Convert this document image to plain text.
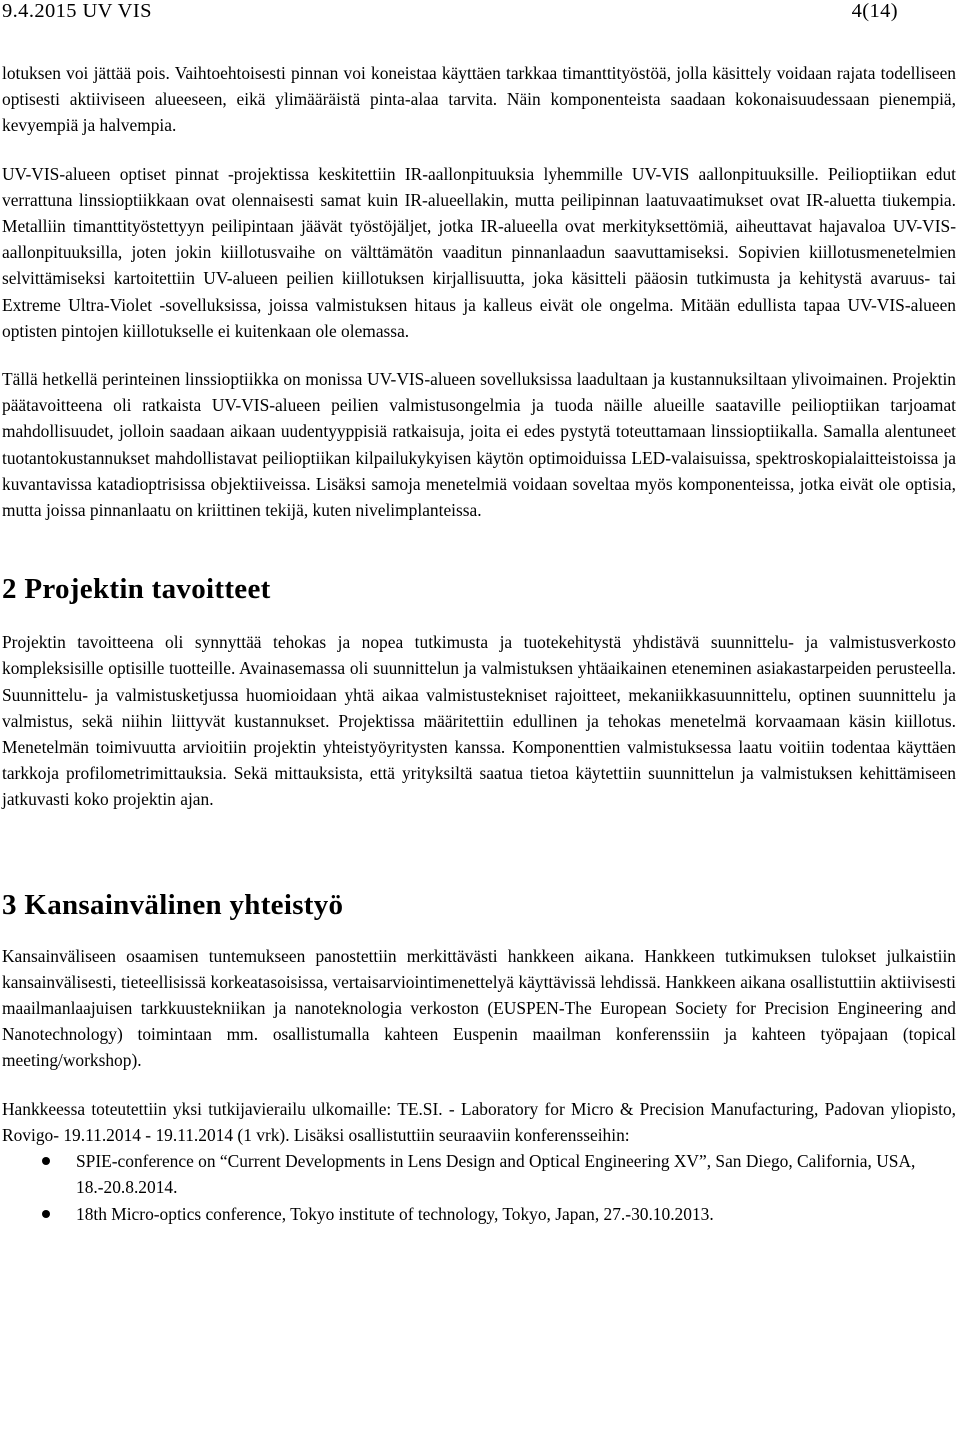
9.4.2015 UV VIS	4(14)

lotuksen voi jättää pois. Vaihtoehtoisesti pinnan voi koneistaa käyttäen tarkkaa timanttityöstöä, jolla käsittely voidaan rajata todelliseen optisesti aktiiviseen alueeseen, eikä ylimääräistä pinta-alaa tarvita. Näin komponenteista saadaan kokonaisuudessaan pienempiä, kevyempiä ja halvempia.

UV-VIS-alueen optiset pinnat -projektissa keskitettiin IR-aallonpituuksia lyhemmille UV-VIS aallonpituuksille. Peilioptiikan edut verrattuna linssioptiikkaan ovat olennaisesti samat kuin IR-alueellakin, mutta peilipinnan laatuvaatimukset ovat IR-aluetta tiukempia. Metalliin timanttityöstettyyn peilipintaan jäävät työstöjäljet, jotka IR-alueella ovat merkityksettömiä, aiheuttavat hajavaloa UV-VIS-aallonpituuksilla, joten jokin kiillotusvaihe on välttämätön vaaditun pinnanlaadun saavuttamiseksi. Sopivien kiillotusmenetelmien selvittämiseksi kartoitettiin UV-alueen peilien kiillotuksen kirjallisuutta, joka käsitteli pääosin tutkimusta ja kehitystä avaruus- tai Extreme Ultra-Violet -sovelluksissa, joissa valmistuksen hitaus ja kalleus eivät ole ongelma. Mitään edullista tapaa UV-VIS-alueen optisten pintojen kiillotukselle ei kuitenkaan ole olemassa.

Tällä hetkellä perinteinen linssioptiikka on monissa UV-VIS-alueen sovelluksissa laadultaan ja kustannuksiltaan ylivoimainen. Projektin päätavoitteena oli ratkaista UV-VIS-alueen peilien valmistusongelmia ja tuoda näille alueille saataville peilioptiikan tarjoamat mahdollisuudet, jolloin saadaan aikaan uudentyyppisiä ratkaisuja, joita ei edes pystytä toteuttamaan linssioptiikalla. Samalla alentuneet tuotantokustannukset mahdollistavat peilioptiikan kilpailukykyisen käytön optimoiduissa LED-valaisuissa, spektroskopialaitteistoissa ja kuvantavissa katadioptrisissa objektiiveissa. Lisäksi samoja menetelmiä voidaan soveltaa myös komponenteissa, jotka eivät ole optisia, mutta joissa pinnanlaatu on kriittinen tekijä, kuten nivelimplanteissa.

2 Projektin tavoitteet

Projektin tavoitteena oli synnyttää tehokas ja nopea tutkimusta ja tuotekehitystä yhdistävä suunnittelu- ja valmistusverkosto kompleksisille optisille tuotteille. Avainasemassa oli suunnittelun ja valmistuksen yhtäaikainen eteneminen asiakastarpeiden perusteella. Suunnittelu- ja valmistusketjussa huomioidaan yhtä aikaa valmistustekniset rajoitteet, mekaniikkasuunnittelu, optinen suunnittelu ja valmistus, sekä niihin liittyvät kustannukset. Projektissa määritettiin edullinen ja tehokas menetelmä korvaamaan käsin kiillotus. Menetelmän toimivuutta arvioitiin projektin yhteistyöyritysten kanssa. Komponenttien valmistuksessa laatu voitiin todentaa käyttäen tarkkoja profilometrimittauksia. Sekä mittauksista, että yrityksiltä saatua tietoa käytettiin suunnittelun ja valmistuksen kehittämiseen jatkuvasti koko projektin ajan.

3 Kansainvälinen yhteistyö

Kansainväliseen osaamisen tuntemukseen panostettiin merkittävästi hankkeen aikana. Hankkeen tutkimuksen tulokset julkaistiin kansainvälisesti, tieteellisissä korkeatasoisissa, vertaisarviointimenettelyä käyttävissä lehdissä. Hankkeen aikana osallistuttiin aktiivisesti maailmanlaajuisen tarkkuustekniikan ja nanoteknologia verkoston (EUSPEN-The European Society for Precision Engineering and Nanotechnology) toimintaan mm. osallistumalla kahteen Euspenin maailman konferenssiin ja kahteen työpajaan (topical meeting/workshop).

Hankkeessa toteutettiin yksi tutkijavierailu ulkomaille: TE.SI. - Laboratory for Micro & Precision Manufacturing, Padovan yliopisto, Rovigo- 19.11.2014 - 19.11.2014 (1 vrk). Lisäksi osallistuttiin seuraaviin konferensseihin:

SPIE-conference on “Current Developments in Lens Design and Optical Engineering XV”, San Diego, California, USA, 18.-20.8.2014.
18th Micro-optics conference, Tokyo institute of technology, Tokyo, Japan, 27.-30.10.2013.
